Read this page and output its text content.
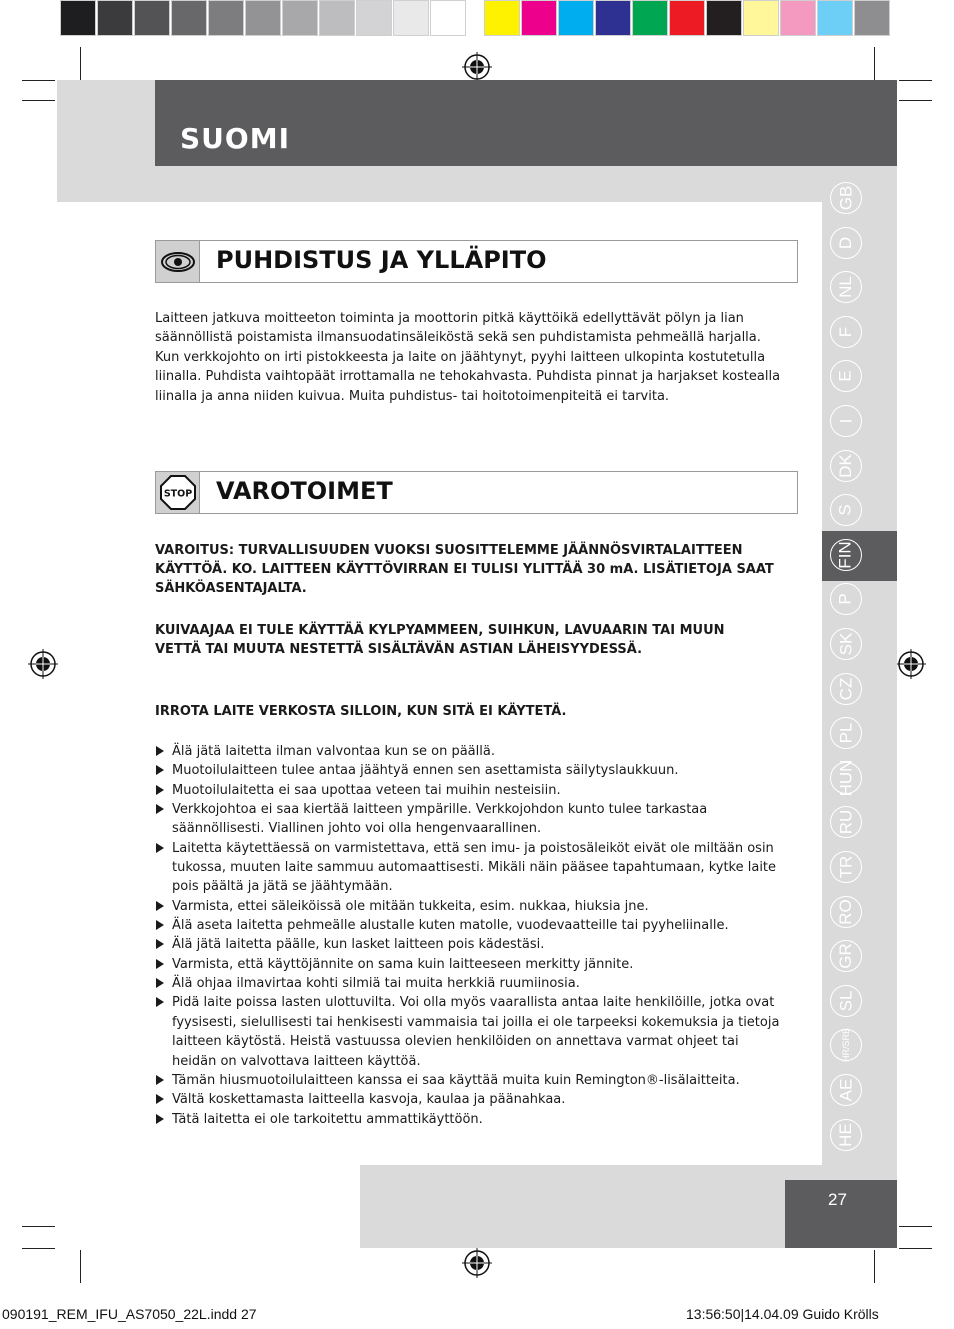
SUOMI
GB
D
NL
F
E
I
DK
S
FIN
P
SK
CZ
PL
HUN
RU
TR
RO
GR
SL
HR/SRB
AE
HE
PUHDISTUS JA YLLÄPITO
Laitteen jatkuva moitteeton toiminta ja moottorin pitkä käyttöikä edellyttävät pölyn ja lian säännöllistä poistamista ilmansuodatinsäleiköstä sekä sen puhdistamista pehmeällä harjalla. Kun verkkojohto on irti pistokkeesta ja laite on jäähtynyt, pyyhi laitteen ulkopinta kostutetulla liinalla. Puhdista vaihtopäät irrottamalla ne tehokahvasta. Puhdista pinnat ja harjakset kostealla liinalla ja anna niiden kuivua. Muita puhdistus- tai hoitotoimenpiteitä ei tarvita.
STOP VAROTOIMET
VAROITUS: TURVALLISUUDEN VUOKSI SUOSITTELEMME JÄÄNNÖSVIRTALAITTEEN KÄYTTÖÄ. KO. LAITTEEN KÄYTTÖVIRRAN EI TULISI YLITTÄÄ 30 mA. LISÄTIETOJA SAAT SÄHKÖASENTAJALTA.
KUIVAAJAA EI TULE KÄYTTÄÄ KYLPYAMMEEN, SUIHKUN, LAVUAARIN TAI MUUN VETTÄ TAI MUUTA NESTETTÄ SISÄLTÄVÄN ASTIAN LÄHEISYYDESSÄ.
IRROTA LAITE VERKOSTA SILLOIN, KUN SITÄ EI KÄYTETÄ.
Älä jätä laitetta ilman valvontaa kun se on päällä.
Muotoilulaitteen tulee antaa jäähtyä ennen sen asettamista säilytyslaukkuun.
Muotoilulaitetta ei saa upottaa veteen tai muihin nesteisiin.
Verkkojohtoa ei saa kiertää laitteen ympärille. Verkkojohdon kunto tulee tarkastaa säännöllisesti. Viallinen johto voi olla hengenvaarallinen.
Laitetta käytettäessä on varmistettava, että sen imu- ja poistosäleiköt eivät ole miltään osin tukossa, muuten laite sammuu automaattisesti. Mikäli näin pääsee tapahtumaan, kytke laite pois päältä ja jätä se jäähtymään.
Varmista, ettei säleiköissä ole mitään tukkeita, esim. nukkaa, hiuksia jne.
Älä aseta laitetta pehmeälle alustalle kuten matolle, vuodevaatteille tai pyyheliinalle.
Älä jätä laitetta päälle, kun lasket laitteen pois kädestäsi.
Varmista, että käyttöjännite on sama kuin laitteeseen merkitty jännite.
Älä ohjaa ilmavirtaa kohti silmiä tai muita herkkiä ruumiinosia.
Pidä laite poissa lasten ulottuvilta. Voi olla myös vaarallista antaa laite henkilöille, jotka ovat fyysisesti, sielullisesti tai henkisesti vammaisia tai joilla ei ole tarpeeksi kokemuksia ja tietoja laitteen käytöstä. Heistä vastuussa olevien henkilöiden on annettava varmat ohjeet tai heidän on valvottava laitteen käyttöä.
Tämän hiusmuotoilulaitteen kanssa ei saa käyttää muita kuin Remington®-lisälaitteita.
Vältä koskettamasta laitteella kasvoja, kaulaa ja päänahkaa.
Tätä laitetta ei ole tarkoitettu ammattikäyttöön.
27
090191_REM_IFU_AS7050_22L.indd 27	13:56:50|14.04.09 Guido Krölls
